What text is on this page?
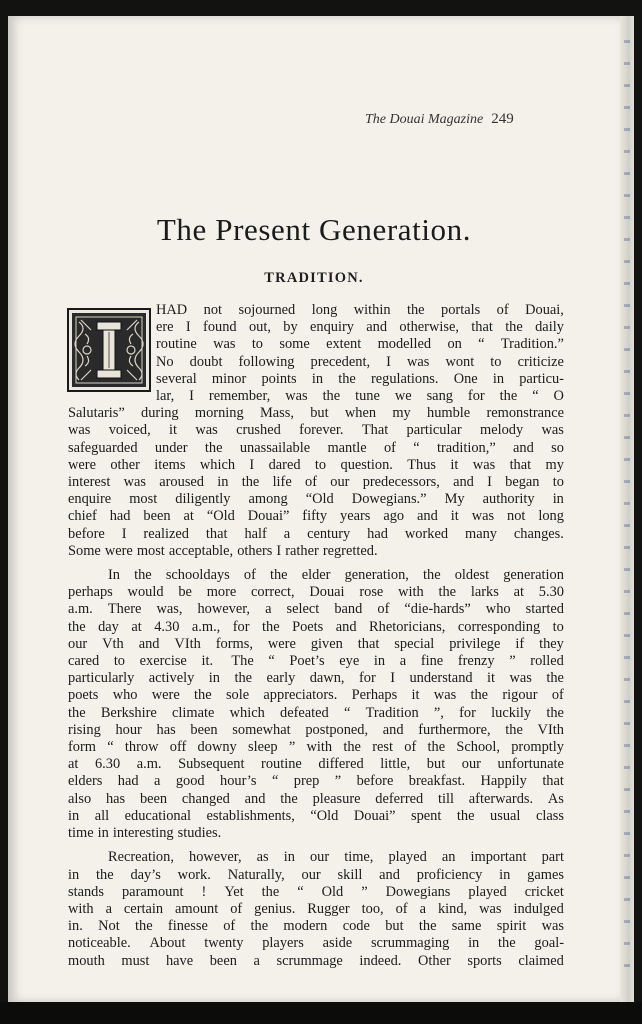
The Douai Magazine 249
The Present Generation.
TRADITION.
I	HAD not sojourned long within the portals of Douai,
ere I found out, by enquiry and otherwise, that the daily
routine was to some extent modelled on “ Tradition.”
No doubt following precedent, I was wont to criticize
several minor points in the regulations. One in particu-
lar, I remember, was the tune we sang for the “ O
Salutaris” during morning Mass, but when my humble remonstrance
was voiced, it was crushed forever. That particular melody was
safeguarded under the unassailable mantle of “ tradition,” and so
were other items which I dared to question. Thus it was that my
interest was aroused in the life of our predecessors, and I began to
enquire most diligently among “Old Dowegians.” My authority in
chief had been at “Old Douai” fifty years ago and it was not long
before I realized that half a century had worked many changes.
Some were most acceptable, others I rather regretted.
In the schooldays of the elder generation, the oldest generation
perhaps would be more correct, Douai rose with the larks at 5.30
a.m. There was, however, a select band of “die-hards” who started
the day at 4.30 a.m., for the Poets and Rhetoricians, corresponding to
our Vth and VIth forms, were given that special privilege if they
cared to exercise it. The “ Poet’s eye in a fine frenzy ” rolled
particularly actively in the early dawn, for I understand it was the
poets who were the sole appreciators. Perhaps it was the rigour of
the Berkshire climate which defeated “ Tradition ”, for luckily the
rising hour has been somewhat postponed, and furthermore, the VIth
form “ throw off downy sleep ” with the rest of the School, promptly
at 6.30 a.m. Subsequent routine differed little, but our unfortunate
elders had a good hour’s “ prep ” before breakfast. Happily that
also has been changed and the pleasure deferred till afterwards. As
in all educational establishments, “Old Douai” spent the usual class
time in interesting studies.
Recreation, however, as in our time, played an important part
in the day’s work. Naturally, our skill and proficiency in games
stands paramount ! Yet the “ Old ” Dowegians played cricket
with a certain amount of genius. Rugger too, of a kind, was indulged
in. Not the finesse of the modern code but the same spirit was
noticeable. About twenty players aside scrummaging in the goal-
mouth must have been a scrummage indeed. Other sports claimed
